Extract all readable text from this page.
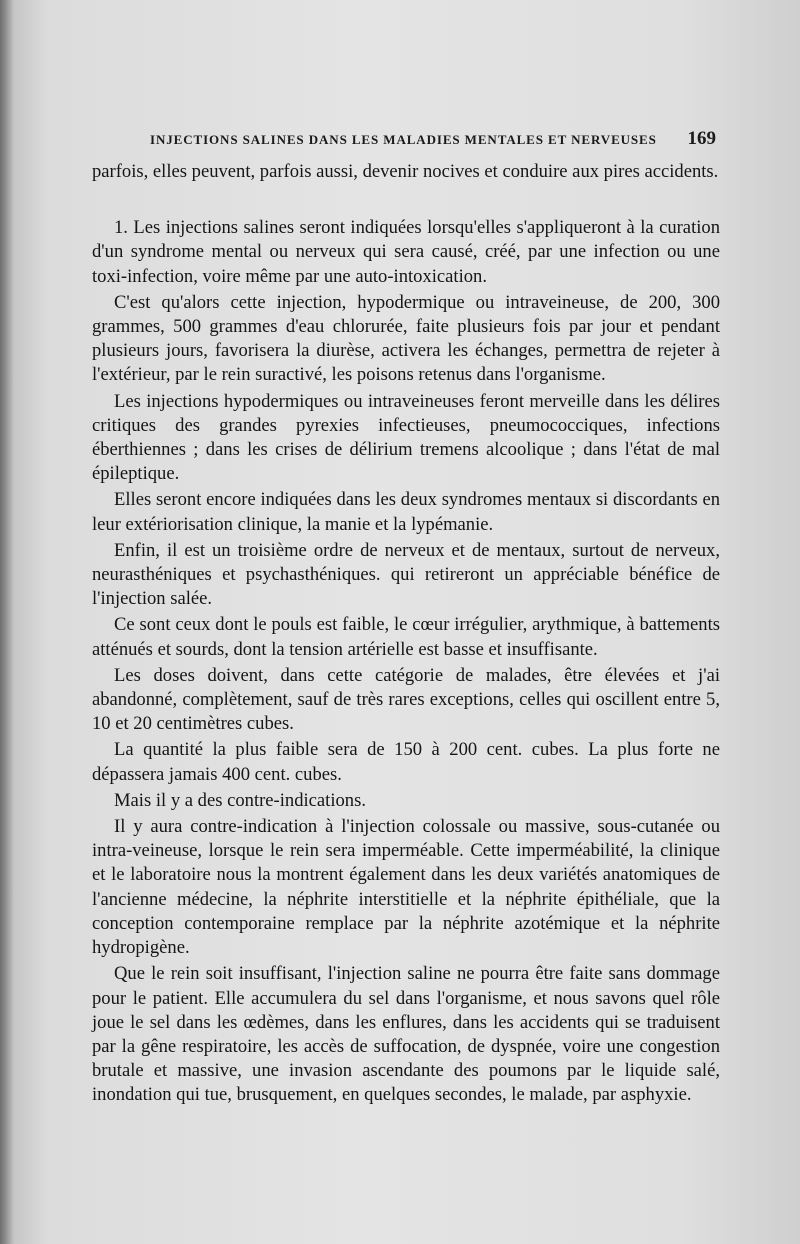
INJECTIONS SALINES DANS LES MALADIES MENTALES ET NERVEUSES 169

parfois, elles peuvent, parfois aussi, devenir nocives et conduire aux pires accidents.

1. Les injections salines seront indiquées lorsqu'elles s'appliqueront à la curation d'un syndrome mental ou nerveux qui sera causé, créé, par une infection ou une toxi-infection, voire même par une auto-intoxication.

C'est qu'alors cette injection, hypodermique ou intraveineuse, de 200, 300 grammes, 500 grammes d'eau chlorurée, faite plusieurs fois par jour et pendant plusieurs jours, favorisera la diurèse, activera les échanges, permettra de rejeter à l'extérieur, par le rein suractivé, les poisons retenus dans l'organisme.

Les injections hypodermiques ou intraveineuses feront merveille dans les délires critiques des grandes pyrexies infectieuses, pneumococciques, infections éberthiennes ; dans les crises de délirium tremens alcoolique ; dans l'état de mal épileptique.

Elles seront encore indiquées dans les deux syndromes mentaux si discordants en leur extériorisation clinique, la manie et la lypémanie.

Enfin, il est un troisième ordre de nerveux et de mentaux, surtout de nerveux, neurasthéniques et psychasthéniques. qui retireront un appréciable bénéfice de l'injection salée.

Ce sont ceux dont le pouls est faible, le cœur irrégulier, arythmique, à battements atténués et sourds, dont la tension artérielle est basse et insuffisante.

Les doses doivent, dans cette catégorie de malades, être élevées et j'ai abandonné, complètement, sauf de très rares exceptions, celles qui oscillent entre 5, 10 et 20 centimètres cubes.

La quantité la plus faible sera de 150 à 200 cent. cubes. La plus forte ne dépassera jamais 400 cent. cubes.

Mais il y a des contre-indications.

Il y aura contre-indication à l'injection colossale ou massive, sous-cutanée ou intra-veineuse, lorsque le rein sera imperméable. Cette imperméabilité, la clinique et le laboratoire nous la montrent également dans les deux variétés anatomiques de l'ancienne médecine, la néphrite interstitielle et la néphrite épithéliale, que la conception contemporaine remplace par la néphrite azotémique et la néphrite hydropigène.

Que le rein soit insuffisant, l'injection saline ne pourra être faite sans dommage pour le patient. Elle accumulera du sel dans l'organisme, et nous savons quel rôle joue le sel dans les œdèmes, dans les enflures, dans les accidents qui se traduisent par la gêne respiratoire, les accès de suffocation, de dyspnée, voire une congestion brutale et massive, une invasion ascendante des poumons par le liquide salé, inondation qui tue, brusquement, en quelques secondes, le malade, par asphyxie.
